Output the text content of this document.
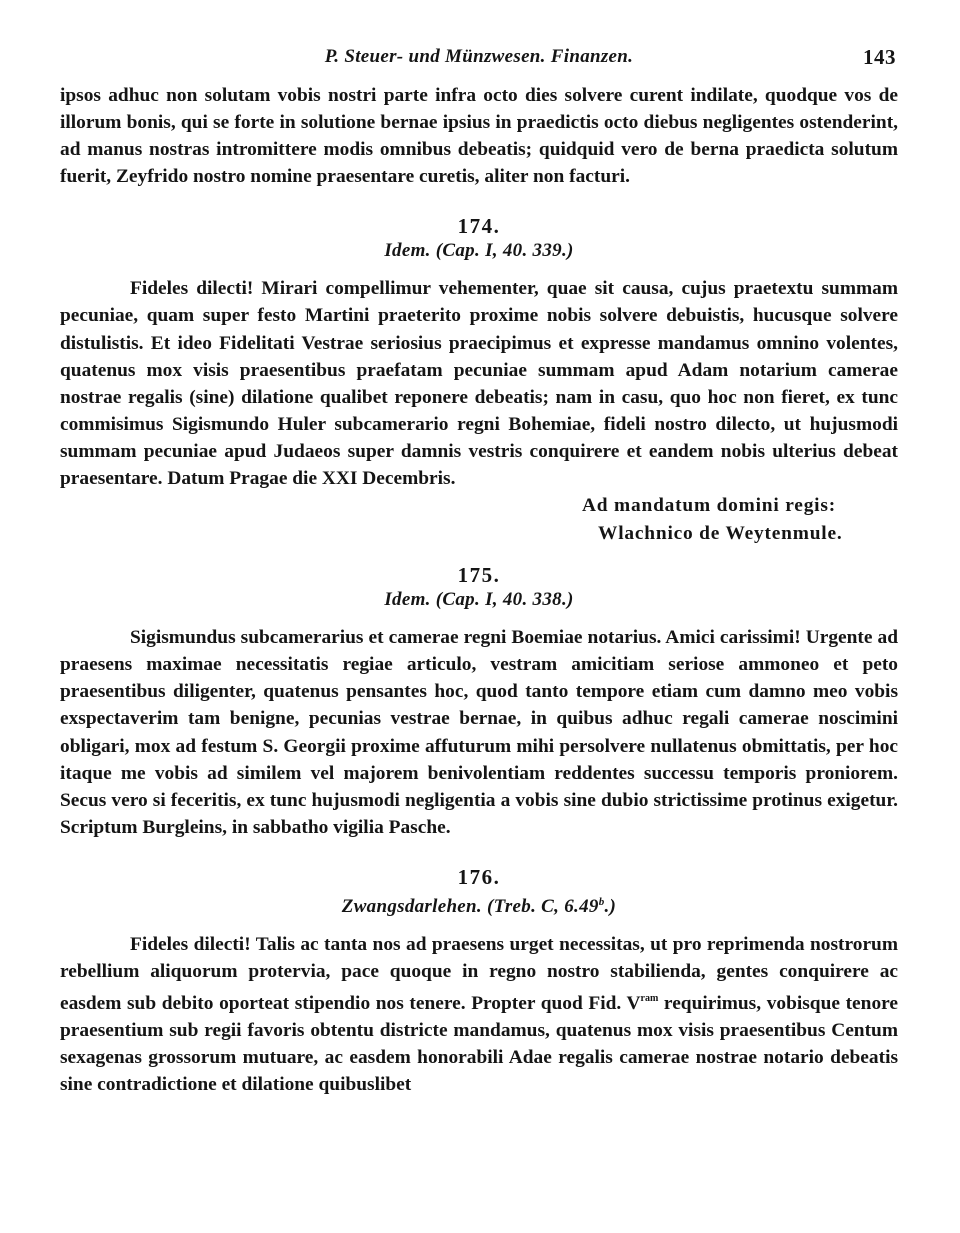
P. Steuer- und Münzwesen. Finanzen.	143

ipsos adhuc non solutam vobis nostri parte infra octo dies solvere curent indilate, quodque vos de illorum bonis, qui se forte in solutione bernae ipsius in praedictis octo diebus negligentes ostenderint, ad manus nostras intromittere modis omnibus debeatis; quidquid vero de berna praedicta solutum fuerit, Zeyfrido nostro nomine praesentare curetis, aliter non facturi.

174.
Idem. (Cap. I, 40. 339.)

Fideles dilecti! Mirari compellimur vehementer, quae sit causa, cujus praetextu summam pecuniae, quam super festo Martini praeterito proxime nobis solvere debuistis, hucusque solvere distulistis. Et ideo Fidelitati Vestrae seriosius praecipimus et expresse mandamus omnino volentes, quatenus mox visis praesentibus praefatam pecuniae summam apud Adam notarium camerae nostrae regalis (sine) dilatione qualibet reponere debeatis; nam in casu, quo hoc non fieret, ex tunc commisimus Sigismundo Huler subcamerario regni Bohemiae, fideli nostro dilecto, ut hujusmodi summam pecuniae apud Judaeos super damnis vestris conquirere et eandem nobis ulterius debeat praesentare. Datum Pragae die XXI Decembris.

Ad mandatum domini regis:
Wlachnico de Weytenmule.
175.
Idem. (Cap. I, 40. 338.)

Sigismundus subcamerarius et camerae regni Boemiae notarius. Amici carissimi! Urgente ad praesens maximae necessitatis regiae articulo, vestram amicitiam seriose ammoneo et peto praesentibus diligenter, quatenus pensantes hoc, quod tanto tempore etiam cum damno meo vobis exspectaverim tam benigne, pecunias vestrae bernae, in quibus adhuc regali camerae noscimini obligari, mox ad festum S. Georgii proxime affuturum mihi persolvere nullatenus obmittatis, per hoc itaque me vobis ad similem vel majorem benivolentiam reddentes successu temporis proniorem. Secus vero si feceritis, ex tunc hujusmodi negligentia a vobis sine dubio strictissime protinus exigetur. Scriptum Burgleins, in sabbatho vigilia Pasche.

176.
Zwangsdarlehen. (Treb. C, 6.49$^b$.)

Fideles dilecti! Talis ac tanta nos ad praesens urget necessitas, ut pro reprimenda nostrorum rebellium aliquorum protervia, pace quoque in regno nostro stabilienda, gentes conquirere ac easdem sub debito oporteat stipendio nos tenere. Propter quod Fid. $V^{ram}$ requirimus, vobisque tenore praesentium sub regii favoris obtentu districte mandamus, quatenus mox visis praesentibus Centum sexagenas grossorum mutuare, ac easdem honorabili Adae regalis camerae nostrae notario debeatis sine contradictione et dilatione quibuslibet
